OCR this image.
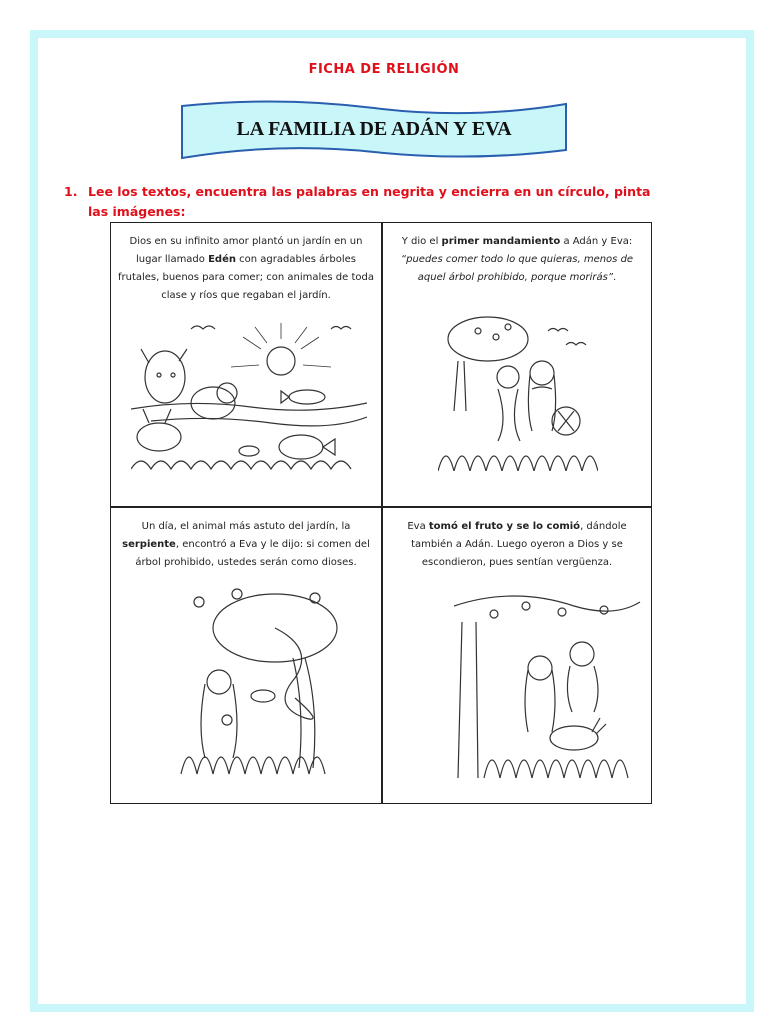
FICHA DE RELIGIÓN
LA FAMILIA DE ADÁN Y EVA
1. Lee los textos, encuentra las palabras en negrita y encierra en un círculo, pinta
las imágenes:
Dios en su infinito amor plantó un jardín en un lugar llamado Edén con agradables árboles frutales, buenos para comer; con animales de toda clase y ríos que regaban el jardín.
Y dio el primer mandamiento a Adán y Eva: “puedes comer todo lo que quieras, menos de aquel árbol prohibido, porque morirás”.
Un día, el animal más astuto del jardín, la serpiente, encontró a Eva y le dijo: si comen del árbol prohibido, ustedes serán como dioses.
Eva tomó el fruto y se lo comió, dándole también a Adán. Luego oyeron a Dios y se escondieron, pues sentían vergüenza.
